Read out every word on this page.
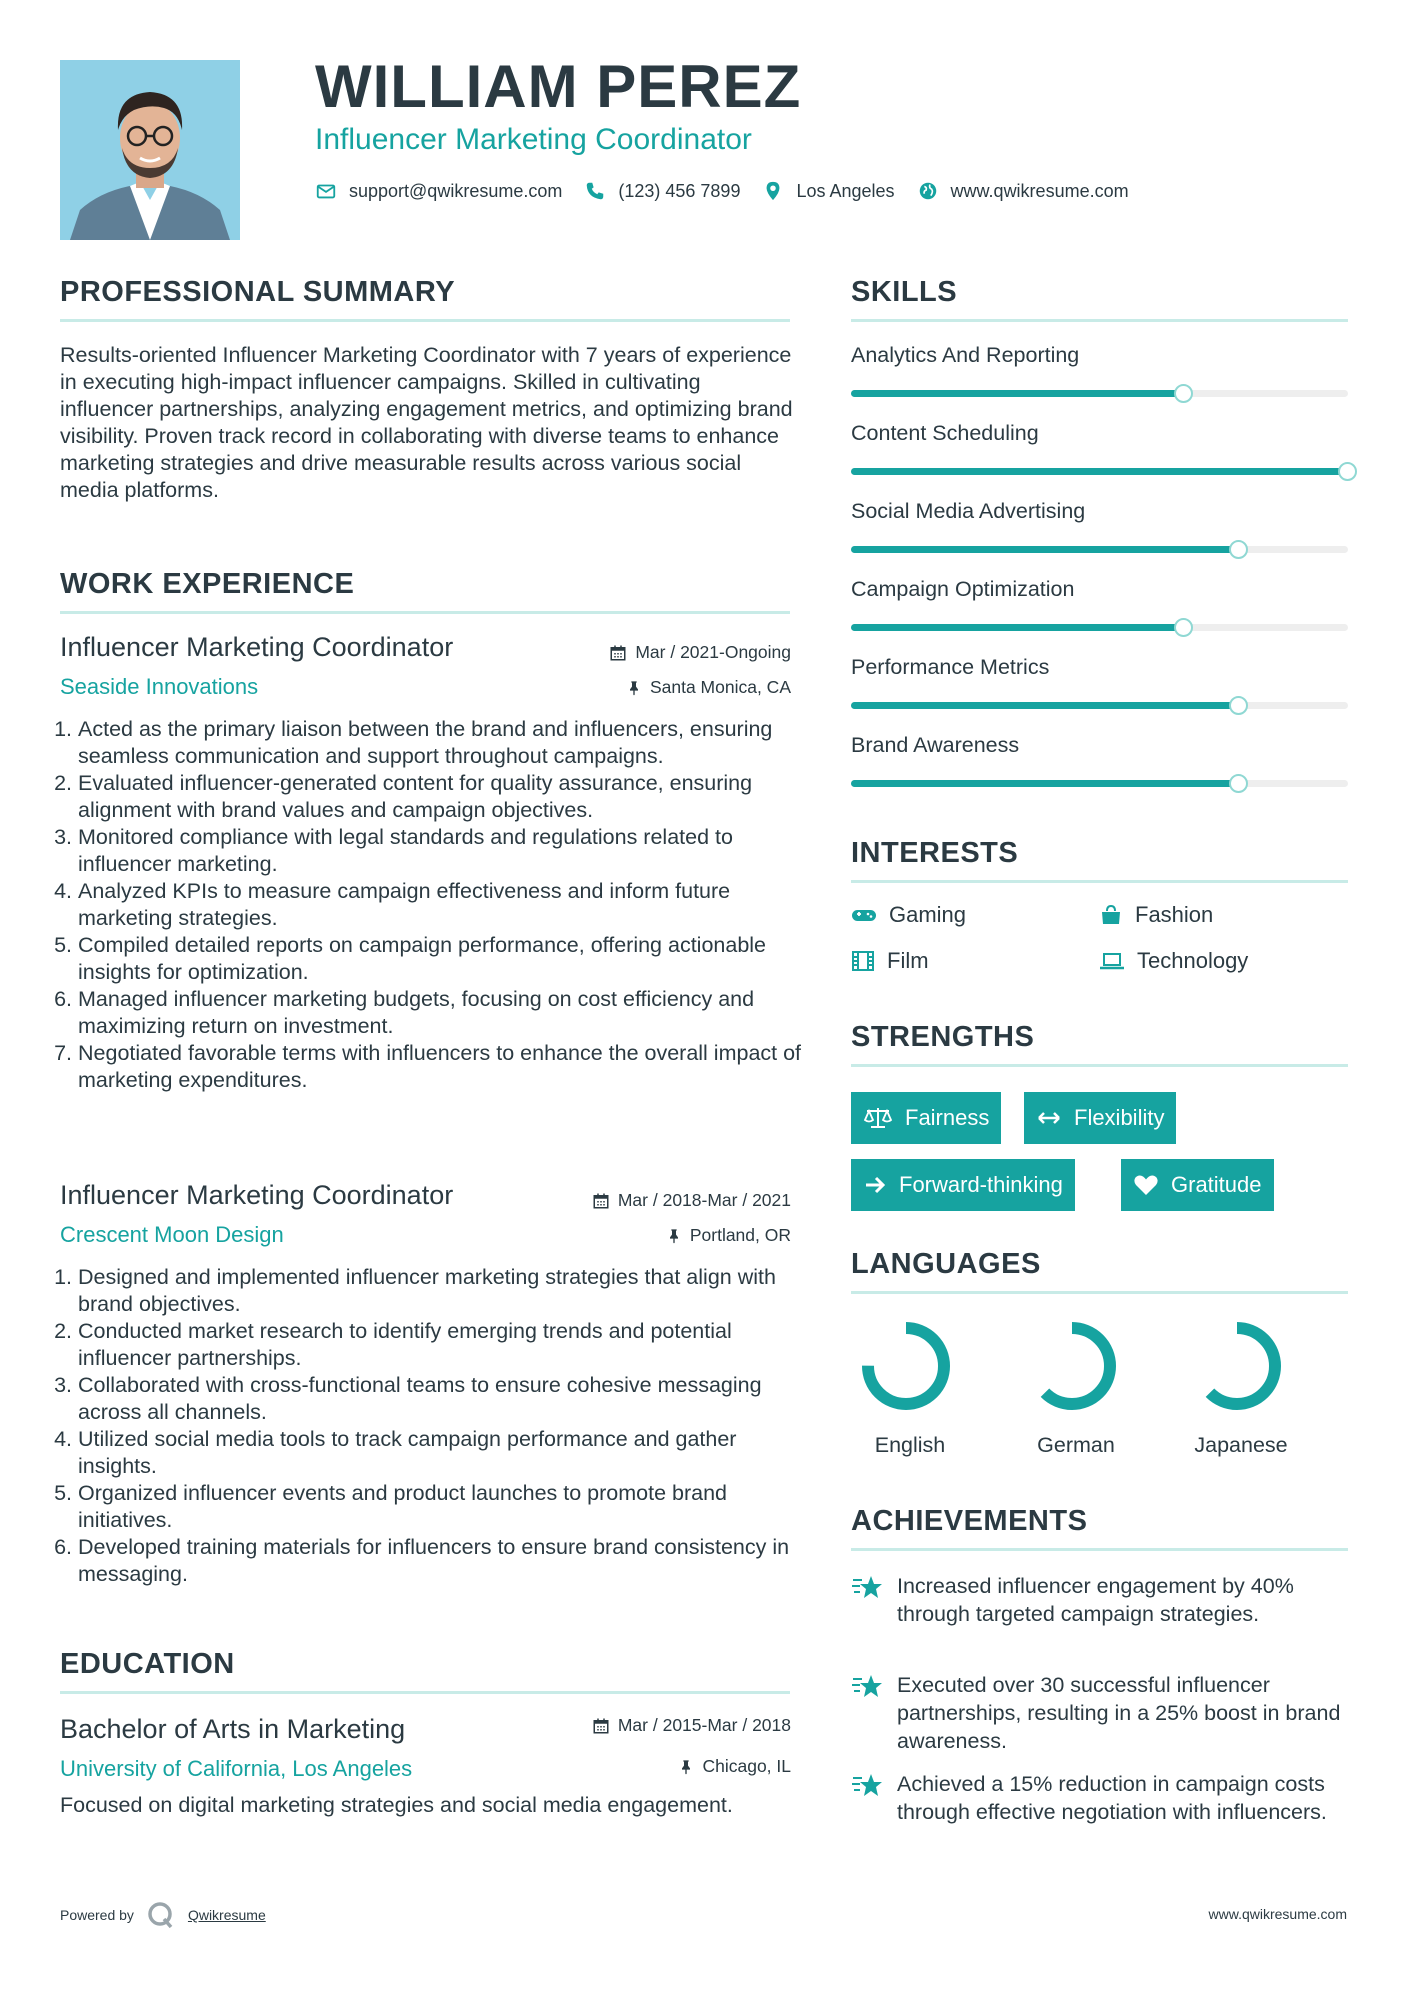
WILLIAM PEREZ
Influencer Marketing Coordinator
support@qwikresume.com	(123) 456 7899	Los Angeles	www.qwikresume.com
PROFESSIONAL SUMMARY
Results-oriented Influencer Marketing Coordinator with 7 years of experience in executing high-impact influencer campaigns. Skilled in cultivating influencer partnerships, analyzing engagement metrics, and optimizing brand visibility. Proven track record in collaborating with diverse teams to enhance marketing strategies and drive measurable results across various social media platforms.
WORK EXPERIENCE
Influencer Marketing Coordinator	Mar / 2021-Ongoing
Seaside Innovations	Santa Monica, CA
1. Acted as the primary liaison between the brand and influencers, ensuring seamless communication and support throughout campaigns.
2. Evaluated influencer-generated content for quality assurance, ensuring alignment with brand values and campaign objectives.
3. Monitored compliance with legal standards and regulations related to influencer marketing.
4. Analyzed KPIs to measure campaign effectiveness and inform future marketing strategies.
5. Compiled detailed reports on campaign performance, offering actionable insights for optimization.
6. Managed influencer marketing budgets, focusing on cost efficiency and maximizing return on investment.
7. Negotiated favorable terms with influencers to enhance the overall impact of marketing expenditures.
Influencer Marketing Coordinator	Mar / 2018-Mar / 2021
Crescent Moon Design	Portland, OR
1. Designed and implemented influencer marketing strategies that align with brand objectives.
2. Conducted market research to identify emerging trends and potential influencer partnerships.
3. Collaborated with cross-functional teams to ensure cohesive messaging across all channels.
4. Utilized social media tools to track campaign performance and gather insights.
5. Organized influencer events and product launches to promote brand initiatives.
6. Developed training materials for influencers to ensure brand consistency in messaging.
EDUCATION
Bachelor of Arts in Marketing	Mar / 2015-Mar / 2018
University of California, Los Angeles	Chicago, IL
Focused on digital marketing strategies and social media engagement.
SKILLS
Analytics And Reporting
Content Scheduling
Social Media Advertising
Campaign Optimization
Performance Metrics
Brand Awareness
INTERESTS
Gaming	Fashion
Film	Technology
STRENGTHS
Fairness	Flexibility
Forward-thinking	Gratitude
LANGUAGES
English	German	Japanese
ACHIEVEMENTS
Increased influencer engagement by 40% through targeted campaign strategies.
Executed over 30 successful influencer partnerships, resulting in a 25% boost in brand awareness.
Achieved a 15% reduction in campaign costs through effective negotiation with influencers.
Powered by	Qwikresume	www.qwikresume.com
